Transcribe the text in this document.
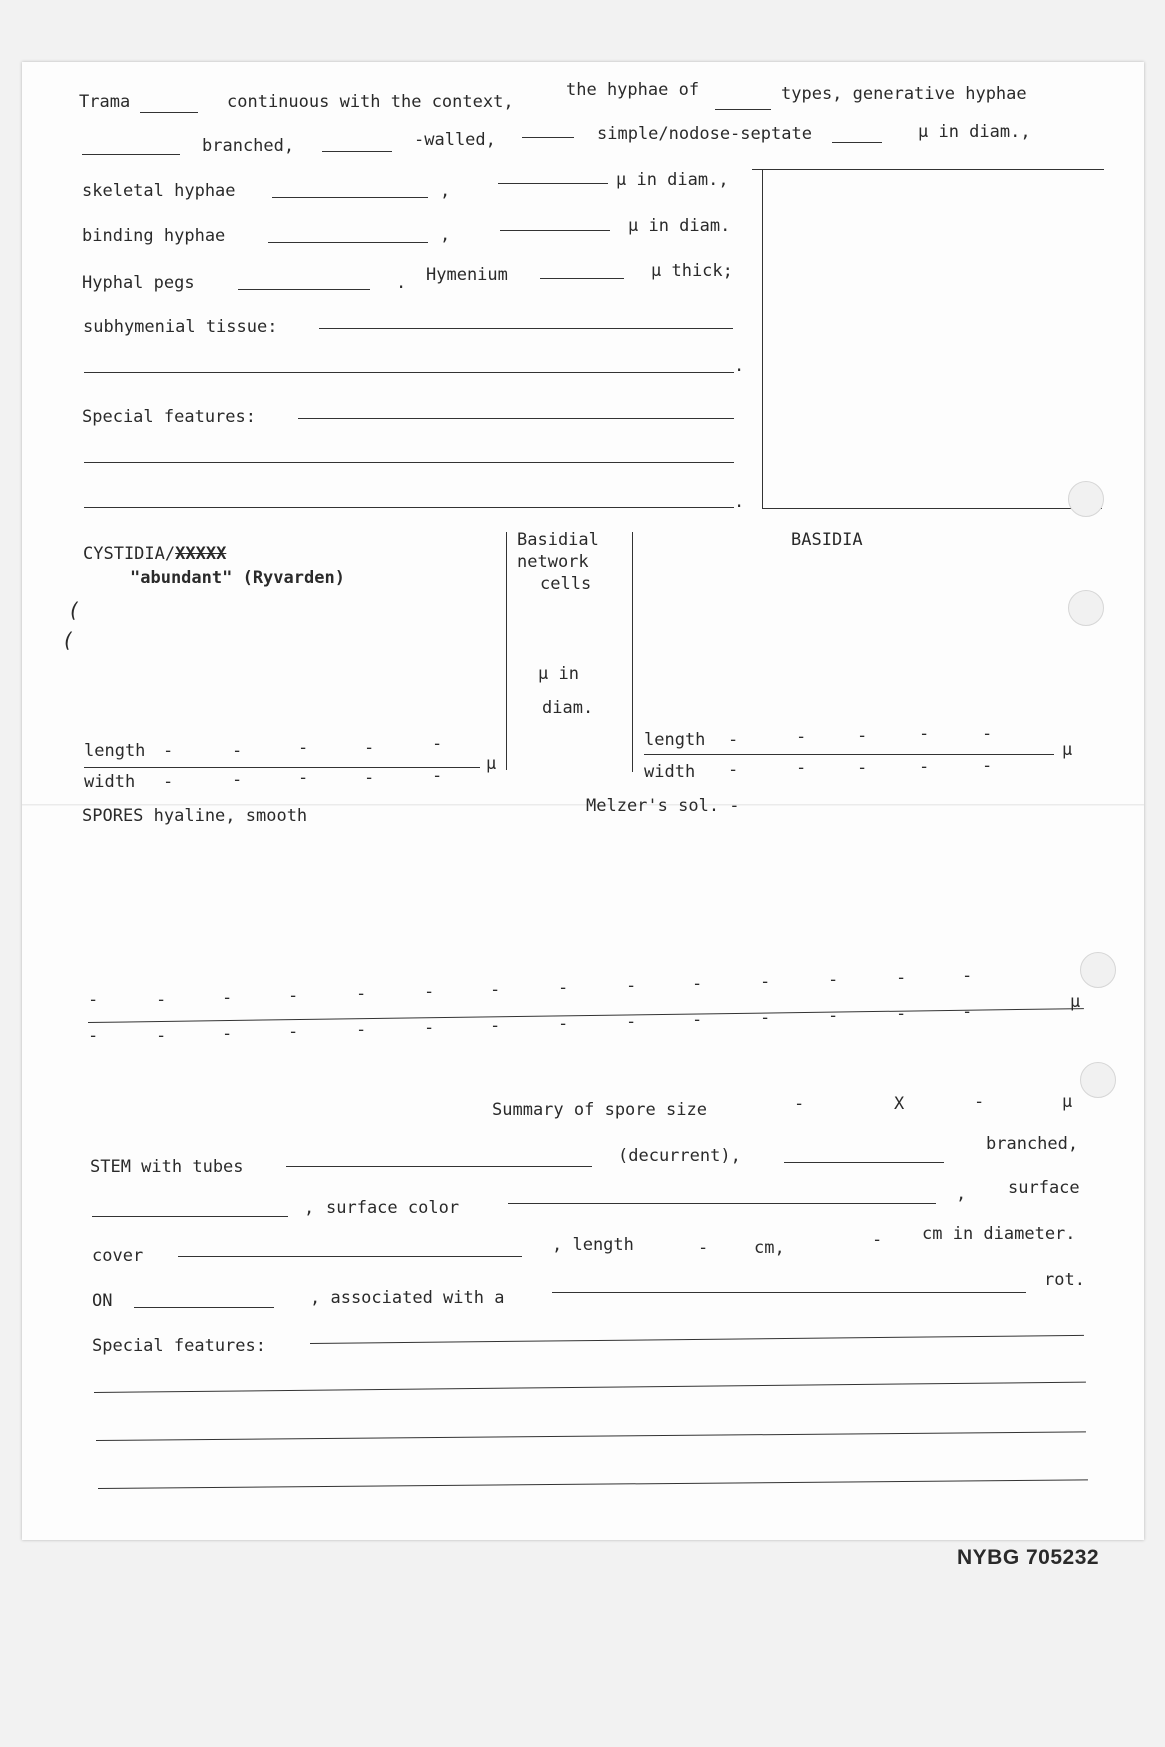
Trama	continuous with the context,
the hyphae of	types, generative hyphae
branched,	-walled,	simple/nodose-septate	µ in diam.,
skeletal hyphae	,
µ in diam.,
binding hyphae	,	µ in diam.
Hyphal pegs	. Hymenium	µ thick;
subhymenial tissue:
.
Special features:
.
CYSTIDIA/XXXXX
"abundant" (Ryvarden)
(
(
length -	-	-	-	-
µ
width -	-	-	-	-
Basidial
network
cells
µ in
diam.
BASIDIA
length -	-	-	-	-
µ
width -	-	-	-	-
SPORES hyaline, smooth	Melzer's sol. -
-	-	-	-	-	-	-	-	-	-	-	-	-	-
µ
-	-	-	-	-	-	-	-	-	-	-	-	-	-
Summary of spore size	-	X	-	µ
STEM with tubes
(decurrent),
branched,
, surface color
, surface
cover
, length	-	cm,	- cm in diameter.
ON	, associated with a
rot.
Special features:
NYBG 705232
